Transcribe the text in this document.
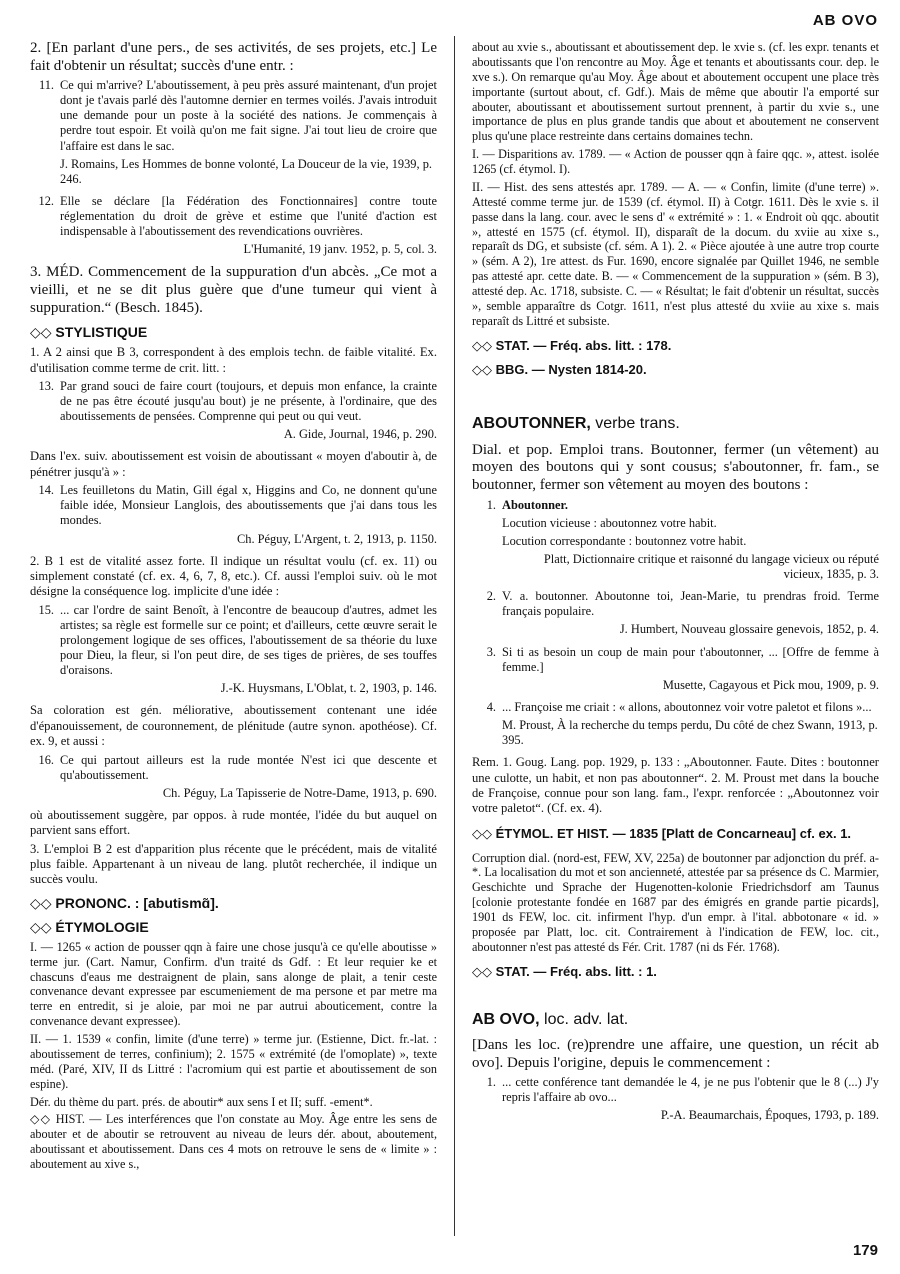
AB OVO

2. [En parlant d'une pers., de ses activités, de ses projets, etc.] Le fait d'obtenir un résultat; succès d'une entr. :

11. Ce qui m'arrive? L'aboutissement, à peu près assuré maintenant, d'un projet dont je t'avais parlé dès l'automne dernier en termes voilés. J'avais introduit une demande pour un poste à la société des nations. Je commençais à perdre tout espoir. Et voilà qu'on me fait signe. J'ai tout lieu de croire que l'affaire est dans le sac.

J. Romains, Les Hommes de bonne volonté, La Douceur de la vie, 1939, p. 246.

12. Elle se déclare [la Fédération des Fonctionnaires] contre toute réglementation du droit de grève et estime que l'unité d'action est indispensable à l'aboutissement des revendications ouvrières.

L'Humanité, 19 janv. 1952, p. 5, col. 3.

3. MÉD. Commencement de la suppuration d'un abcès. „Ce mot a vieilli, et ne se dit plus guère que d'une tumeur qui vient à suppuration.“ (Besch. 1845).

◇◇ STYLISTIQUE

1. A 2 ainsi que B 3, correspondent à des emplois techn. de faible vitalité. Ex. d'utilisation comme terme de crit. litt. :

13. Par grand souci de faire court (toujours, et depuis mon enfance, la crainte de ne pas être écouté jusqu'au bout) je ne présente, à l'ordinaire, que des aboutissements de pensées. Comprenne qui peut ou qui veut.

A. Gide, Journal, 1946, p. 290.

Dans l'ex. suiv. aboutissement est voisin de aboutissant « moyen d'aboutir à, de pénétrer jusqu'à » :

14. Les feuilletons du Matin, Gill égal x, Higgins and Co, ne donnent qu'une faible idée, Monsieur Langlois, des aboutissements que j'ai dans tous les mondes.

Ch. Péguy, L'Argent, t. 2, 1913, p. 1150.

2. B 1 est de vitalité assez forte. Il indique un résultat voulu (cf. ex. 11) ou simplement constaté (cf. ex. 4, 6, 7, 8, etc.). Cf. aussi l'emploi suiv. où le mot désigne la conséquence log. implicite d'une idée :

15. ... car l'ordre de saint Benoît, à l'encontre de beaucoup d'autres, admet les artistes; sa règle est formelle sur ce point; et d'ailleurs, cette œuvre serait le prolongement logique de ses offices, l'aboutissement de sa théorie du luxe pour Dieu, la fleur, si l'on peut dire, de ses tiges de prières, de ses touffes d'oraisons.

J.-K. Huysmans, L'Oblat, t. 2, 1903, p. 146.

Sa coloration est gén. méliorative, aboutissement contenant une idée d'épanouissement, de couronnement, de plénitude (autre synon. apothéose). Cf. ex. 9, et aussi :

16. Ce qui partout ailleurs est la rude montée N'est ici que descente et qu'aboutissement.

Ch. Péguy, La Tapisserie de Notre-Dame, 1913, p. 690.

où aboutissement suggère, par oppos. à rude montée, l'idée du but auquel on parvient sans effort.

3. L'emploi B 2 est d'apparition plus récente que le précédent, mais de vitalité plus faible. Appartenant à un niveau de lang. plutôt recherchée, il indique un succès voulu.

◇◇ PRONONC. : [abutismɑ̃].
◇◇ ÉTYMOLOGIE

I. — 1265 « action de pousser qqn à faire une chose jusqu'à ce qu'elle aboutisse » terme jur. (Cart. Namur, Confirm. d'un traité ds Gdf. : Et leur requier ke et chascuns d'eaus me destraignent de plain, sans alonge de plait, a tenir ceste convenance devant expressee par escumeniement de ma persone et par metre ma terre en entredit, si je aloie, par moi ne par autrui abouticement, contre la convenance devant expressee).

II. — 1. 1539 « confin, limite (d'une terre) » terme jur. (Estienne, Dict. fr.-lat. : aboutissement de terres, confinium); 2. 1575 « extrémité (de l'omoplate) », texte méd. (Paré, XIV, II ds Littré : l'acromium qui est partie et aboutissement de son espine).

Dér. du thème du part. prés. de aboutir* aux sens I et II; suff. -ement*.

◇◇ HIST. — Les interférences que l'on constate au Moy. Âge entre les sens de abouter et de aboutir se retrouvent au niveau de leurs dér. about, aboutement, aboutissant et aboutissement. Dans ces 4 mots on retrouve le sens de « limite » : aboutement au xive s.,

about au xvie s., aboutissant et aboutissement dep. le xvie s. (cf. les expr. tenants et aboutissants que l'on rencontre au Moy. Âge et tenants et aboutissants cour. dep. le xve s.). On remarque qu'au Moy. Âge about et aboutement occupent une place très importante (surtout about, cf. Gdf.). Mais de même que aboutir l'a emporté sur abouter, aboutissant et aboutissement surtout prennent, à partir du xvie s., une importance de plus en plus grande tandis que about et aboutement ne conservent plus qu'une place restreinte dans certains domaines techn.

I. — Disparitions av. 1789. — « Action de pousser qqn à faire qqc. », attest. isolée 1265 (cf. étymol. I).

II. — Hist. des sens attestés apr. 1789. — A. — « Confin, limite (d'une terre) ». Attesté comme terme jur. de 1539 (cf. étymol. II) à Cotgr. 1611. Dès le xvie s. il passe dans la lang. cour. avec le sens d' « extrémité » : 1. « Endroit où qqc. aboutit », attesté en 1575 (cf. étymol. II), disparaît de la docum. du xviie au xixe s., reparaît ds DG, et subsiste (cf. sém. A 1). 2. « Pièce ajoutée à une autre trop courte » (sém. A 2), 1re attest. ds Fur. 1690, encore signalée par Quillet 1946, ne semble pas attesté apr. cette date. B. — « Commencement de la suppuration » (sém. B 3), attesté dep. Ac. 1718, subsiste. C. — « Résultat; le fait d'obtenir un résultat, succès », semble apparaître ds Cotgr. 1611, n'est plus attesté du xviie au xixe s. mais reparaît ds Littré et subsiste.

◇◇ STAT. — Fréq. abs. litt. : 178.
◇◇ BBG. — Nysten 1814-20.
ABOUTONNER, verbe trans.

Dial. et pop. Emploi trans. Boutonner, fermer (un vêtement) au moyen des boutons qui y sont cousus; s'aboutonner, fr. fam., se boutonner, fermer son vêtement au moyen des boutons :

1. Aboutonner.

Locution vicieuse : aboutonnez votre habit.

Locution correspondante : boutonnez votre habit.

Platt, Dictionnaire critique et raisonné du langage vicieux ou réputé vicieux, 1835, p. 3.

2. V. a. boutonner. Aboutonne toi, Jean-Marie, tu prendras froid. Terme français populaire.

J. Humbert, Nouveau glossaire genevois, 1852, p. 4.

3. Si ti as besoin un coup de main pour t'aboutonner, ... [Offre de femme à femme.]

Musette, Cagayous et Pick mou, 1909, p. 9.

4. ... Françoise me criait : « allons, aboutonnez voir votre paletot et filons »...

M. Proust, À la recherche du temps perdu, Du côté de chez Swann, 1913, p. 395.

Rem. 1. Goug. Lang. pop. 1929, p. 133 : „Aboutonner. Faute. Dites : boutonner une culotte, un habit, et non pas aboutonner“. 2. M. Proust met dans la bouche de Françoise, connue pour son lang. fam., l'expr. renforcée : „Aboutonnez voir votre paletot“. (Cf. ex. 4).

◇◇ ÉTYMOL. ET HIST. — 1835 [Platt de Concarneau] cf. ex. 1.

Corruption dial. (nord-est, FEW, XV, 225a) de boutonner par adjonction du préf. a-*. La localisation du mot et son ancienneté, attestée par sa présence ds C. Marmier, Geschichte und Sprache der Hugenotten-kolonie Friedrichsdorf am Taunus [colonie protestante fondée en 1687 par des émigrés en grande partie picards], 1901 ds FEW, loc. cit. infirment l'hyp. d'un empr. à l'ital. abbotonare « id. » proposée par Platt, loc. cit. Contrairement à l'indication de FEW, loc. cit., aboutonner n'est pas attesté ds Fér. Crit. 1787 (ni ds Fér. 1768).

◇◇ STAT. — Fréq. abs. litt. : 1.
AB OVO, loc. adv. lat.

[Dans les loc. (re)prendre une affaire, une question, un récit ab ovo]. Depuis l'origine, depuis le commencement :

1. ... cette conférence tant demandée le 4, je ne pus l'obtenir que le 8 (...) J'y repris l'affaire ab ovo...

P.-A. Beaumarchais, Époques, 1793, p. 189.

179
